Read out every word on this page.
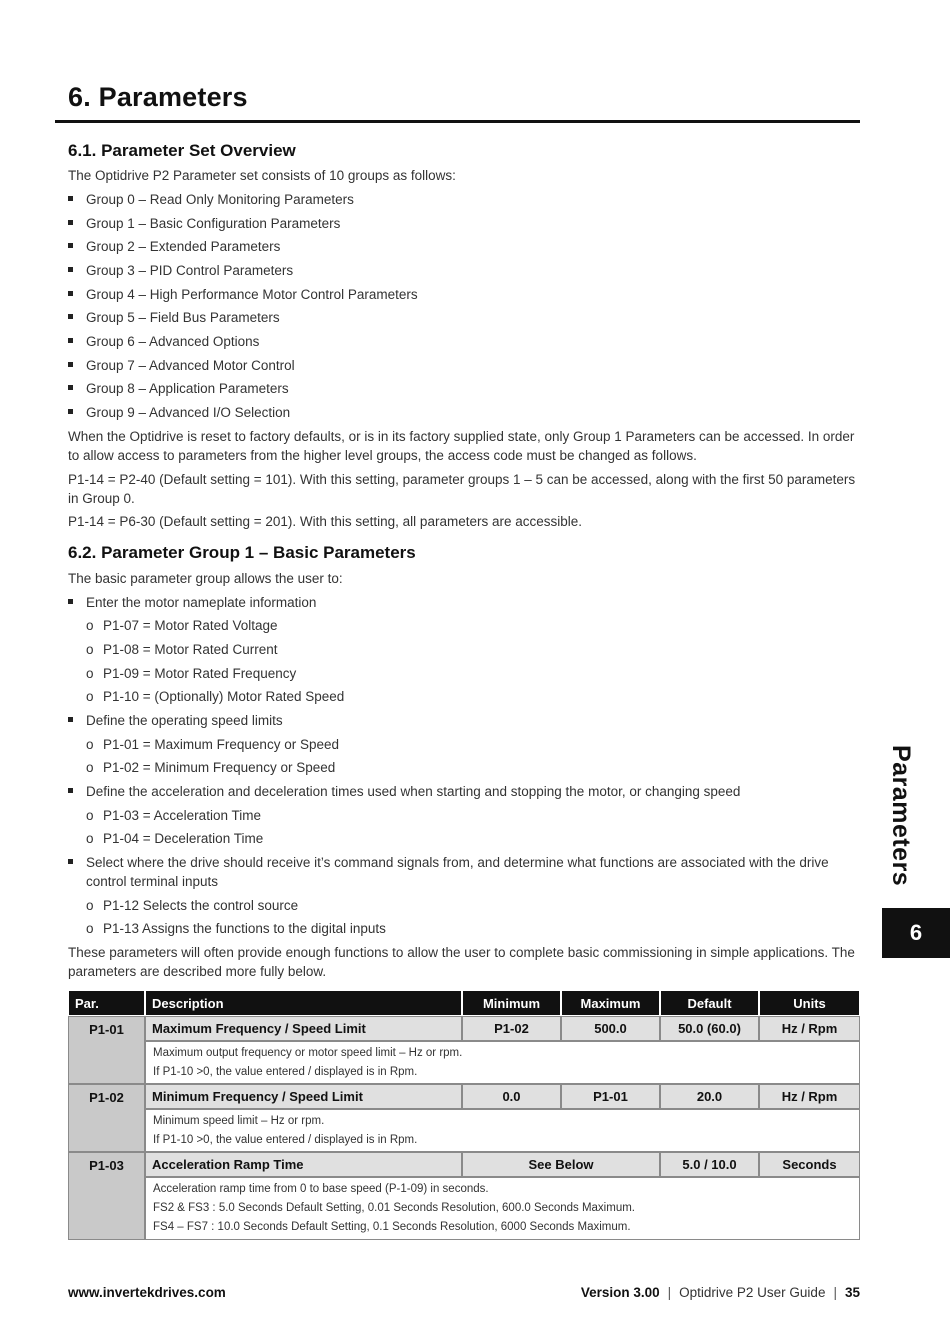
6. Parameters
6.1. Parameter Set Overview
The Optidrive P2 Parameter set consists of 10 groups as follows:
Group 0 – Read Only Monitoring Parameters
Group 1 – Basic Configuration Parameters
Group 2 – Extended Parameters
Group 3 – PID Control Parameters
Group 4 – High Performance Motor Control Parameters
Group 5 – Field Bus Parameters
Group 6 – Advanced Options
Group 7 – Advanced Motor Control
Group 8 – Application Parameters
Group 9 – Advanced I/O Selection
When the Optidrive is reset to factory defaults, or is in its factory supplied state, only Group 1 Parameters can be accessed. In order to allow access to parameters from the higher level groups, the access code must be changed as follows.
P1-14 = P2-40 (Default setting = 101). With this setting, parameter groups 1 – 5 can be accessed, along with the first 50 parameters in Group 0.
P1-14 = P6-30 (Default setting = 201). With this setting, all parameters are accessible.
6.2. Parameter Group 1 – Basic Parameters
The basic parameter group allows the user to:
Enter the motor nameplate information
o P1-07 = Motor Rated Voltage
o P1-08 = Motor Rated Current
o P1-09 = Motor Rated Frequency
o P1-10 = (Optionally) Motor Rated Speed
Define the operating speed limits
o P1-01 = Maximum Frequency or Speed
o P1-02 = Minimum Frequency or Speed
Define the acceleration and deceleration times used when starting and stopping the motor, or changing speed
o P1-03 = Acceleration Time
o P1-04 = Deceleration Time
Select where the drive should receive it’s command signals from, and determine what functions are associated with the drive control terminal inputs
o P1-12 Selects the control source
o P1-13 Assigns the functions to the digital inputs
These parameters will often provide enough functions to allow the user to complete basic commissioning in simple applications. The parameters are described more fully below.
Parameters
6
Par.	Description	Minimum	Maximum	Default	Units
P1-01	Maximum Frequency / Speed Limit	P1-02	500.0	50.0 (60.0)	Hz / Rpm
Maximum output frequency or motor speed limit – Hz or rpm.
If P1-10 >0, the value entered / displayed is in Rpm.
P1-02	Minimum Frequency / Speed Limit	0.0	P1-01	20.0	Hz / Rpm
Minimum speed limit – Hz or rpm.
If P1-10 >0, the value entered / displayed is in Rpm.
P1-03	Acceleration Ramp Time	See Below	5.0 / 10.0	Seconds
Acceleration ramp time from 0 to base speed (P-1-09) in seconds.
FS2 & FS3 : 5.0 Seconds Default Setting, 0.01 Seconds Resolution, 600.0 Seconds Maximum.
FS4 – FS7 : 10.0 Seconds Default Setting, 0.1 Seconds Resolution, 6000 Seconds Maximum.
www.invertekdrives.com	Version 3.00 | Optidrive P2 User Guide | 35
